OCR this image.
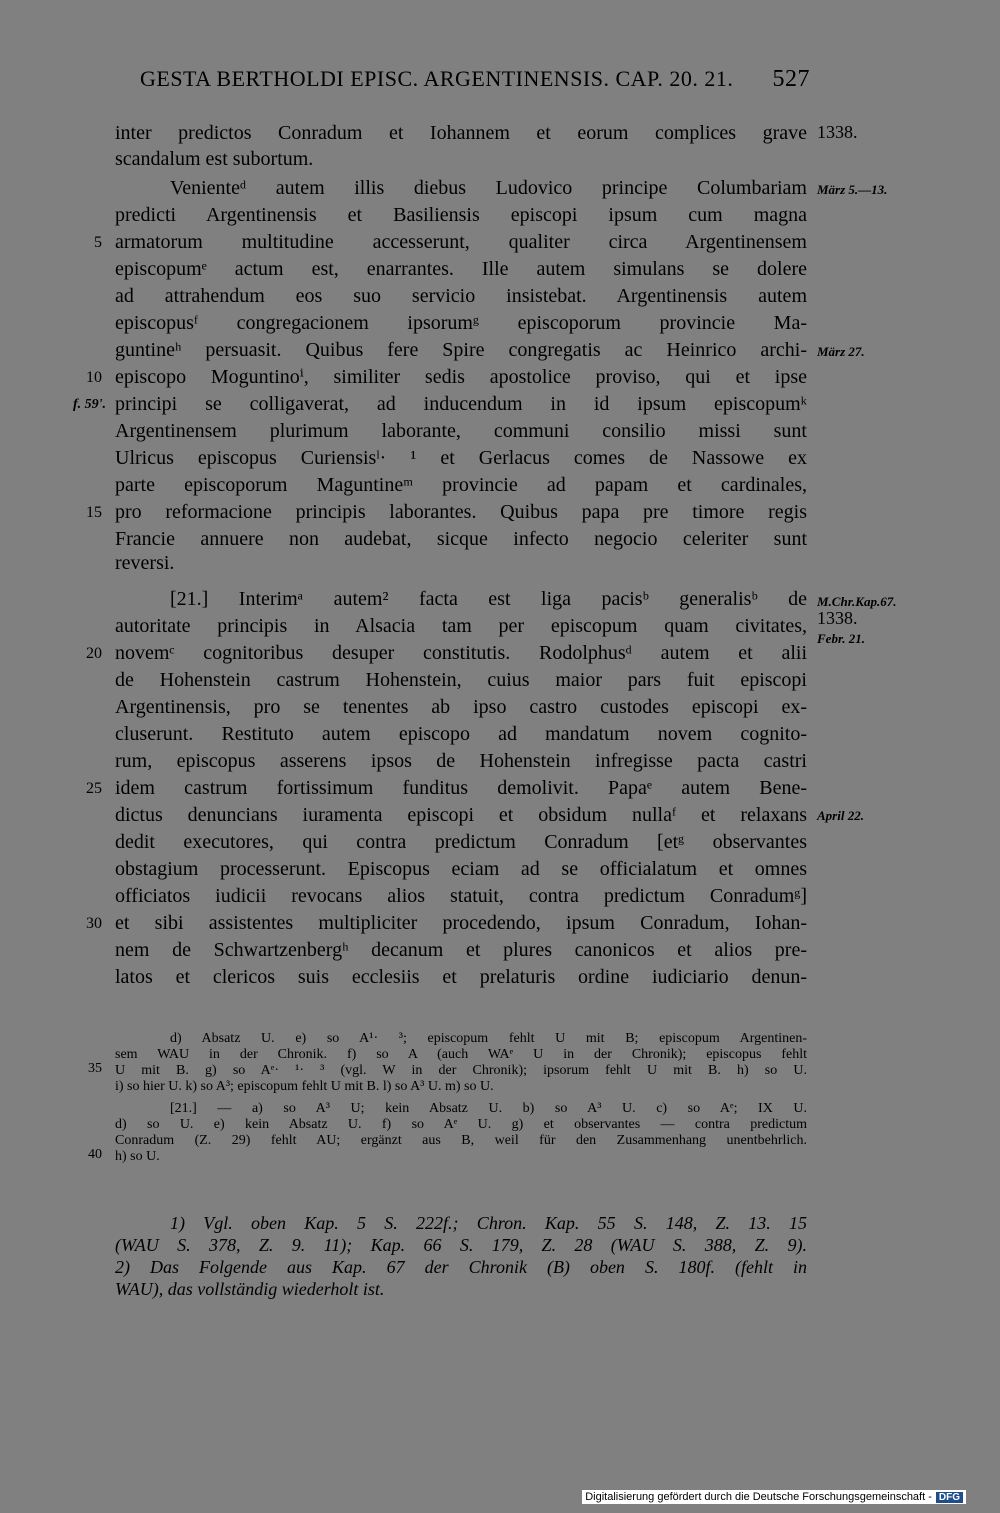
GESTA BERTHOLDI EPISC. ARGENTINENSIS. CAP. 20. 21. 527
inter predictos Conradum et Iohannem et eorum complices grave
scandalum est subortum.
Venienteᵈ autem illis diebus Ludovico principe Columbariam
predicti Argentinensis et Basiliensis episcopi ipsum cum magna
armatorum multitudine accesserunt, qualiter circa Argentinensem
episcopumᵉ actum est, enarrantes. Ille autem simulans se dolere
ad attrahendum eos suo servicio insistebat. Argentinensis autem
episcopusᶠ congregacionem ipsorumᵍ episcoporum provincie Ma-
guntineʰ persuasit. Quibus fere Spire congregatis ac Heinrico archi-
episcopo Moguntinoⁱ, similiter sedis apostolice proviso, qui et ipse
principi se colligaverat, ad inducendum in id ipsum episcopumᵏ
Argentinensem plurimum laborante, communi consilio missi sunt
Ulricus episcopus Curiensisˡ· ¹ et Gerlacus comes de Nassowe ex
parte episcoporum Maguntineᵐ provincie ad papam et cardinales,
pro reformacione principis laborantes. Quibus papa pre timore regis
Francie annuere non audebat, sicque infecto negocio celeriter sunt
reversi.
[21.] Interimᵃ autem² facta est liga pacisᵇ generalisᵇ de
autoritate principis in Alsacia tam per episcopum quam civitates,
novemᶜ cognitoribus desuper constitutis. Rodolphusᵈ autem et alii
de Hohenstein castrum Hohenstein, cuius maior pars fuit episcopi
Argentinensis, pro se tenentes ab ipso castro custodes episcopi ex-
cluserunt. Restituto autem episcopo ad mandatum novem cognito-
rum, episcopus asserens ipsos de Hohenstein infregisse pacta castri
idem castrum fortissimum funditus demolivit. Papaᵉ autem Bene-
dictus denuncians iuramenta episcopi et obsidum nullaᶠ et relaxans
dedit executores, qui contra predictum Conradum [etᵍ observantes
obstagium processerunt. Episcopus eciam ad se officialatum et omnes
officiatos iudicii revocans alios statuit, contra predictum Conradumᵍ]
et sibi assistentes multipliciter procedendo, ipsum Conradum, Iohan-
nem de Schwartzenbergʰ decanum et plures canonicos et alios pre-
latos et clericos suis ecclesiis et prelaturis ordine iudiciario denun-
5
10
15
20
25
30
f. 59'.
1338.
März 5.—13.
März 27.
M.Chr.Kap.67.
1338.
Febr. 21.
April 22.
d) Absatz U. e) so A¹· ³; episcopum fehlt U mit B; episcopum Argentinen-
sem WAU in der Chronik. f) so A (auch WAᵉ U in der Chronik); episcopus fehlt
U mit B. g) so Aᵉ· ¹· ³ (vgl. W in der Chronik); ipsorum fehlt U mit B. h) so U.
i) so hier U. k) so A³; episcopum fehlt U mit B. l) so A³ U. m) so U.
[21.] — a) so A³ U; kein Absatz U. b) so A³ U. c) so Aᵉ; IX U.
d) so U. e) kein Absatz U. f) so Aᵉ U. g) et observantes — contra predictum
Conradum (Z. 29) fehlt AU; ergänzt aus B, weil für den Zusammenhang unentbehrlich.
h) so U.
35
40
1) Vgl. oben Kap. 5 S. 222f.; Chron. Kap. 55 S. 148, Z. 13. 15
(WAU S. 378, Z. 9. 11); Kap. 66 S. 179, Z. 28 (WAU S. 388, Z. 9).
2) Das Folgende aus Kap. 67 der Chronik (B) oben S. 180f. (fehlt in
WAU), das vollständig wiederholt ist.
Digitalisierung gefördert durch die Deutsche Forschungsgemeinschaft - DFG
